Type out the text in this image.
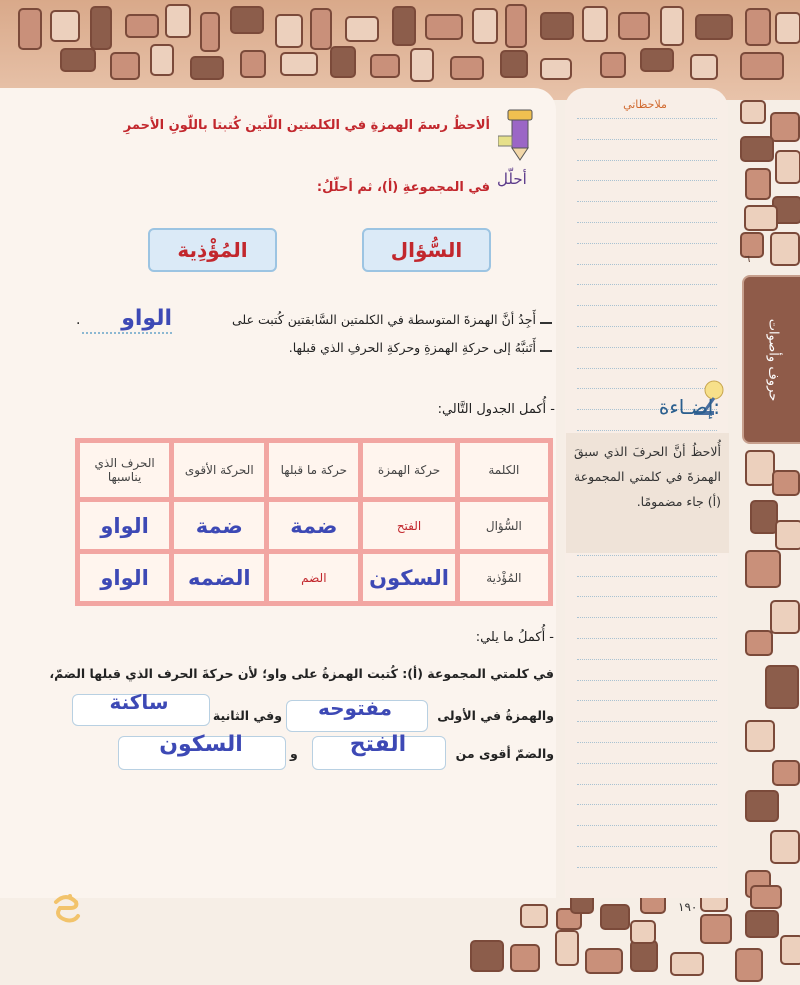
ملاحظاتي
حروف وأصوات
٦
أحلّل
ألاحظُ رسمَ الهمزةِ في الكلمتين اللّتين كُتبتا باللّونِ الأحمرِ
في المجموعةِ (أ)، ثم أحلّلُ:
السُّؤال
المُؤْذِية
أَجِدُ أنَّ الهمزةَ المتوسطة في الكلمتين السَّابقتين كُتبت على
الواو
.
أَتَنبَّهُ إلى حركةِ الهمزةِ وحركةِ الحرفِ الذي قبلها.
- أُكمل الجدول التَّالي:
الكلمة	حركة الهمزة	حركة ما قبلها	الحركة الأقوى	الحرف الذي يناسبها
السُّؤال	الفتح	ضمة	ضمة	الواو
المُؤْذية	السكون	الضم	الضمه	الواو
- أُكملُ ما يلي:
في كلمتي المجموعة (أ): كُتبت الهمزةُ على واو؛ لأن حركةَ الحرف الذي قبلها الضمّ،
والهمزةُ في الأولى
مفتوحه
وفي الثانية
ساكنة
والضمّ أقوى من
الفتح
و
السكون
إضـاءة:

أُلاحظُ أنَّ الحرفَ الذي سبقَ الهمزةَ في كلمتي المجموعة (أ) جاء مضمومًا.

١٩٠
